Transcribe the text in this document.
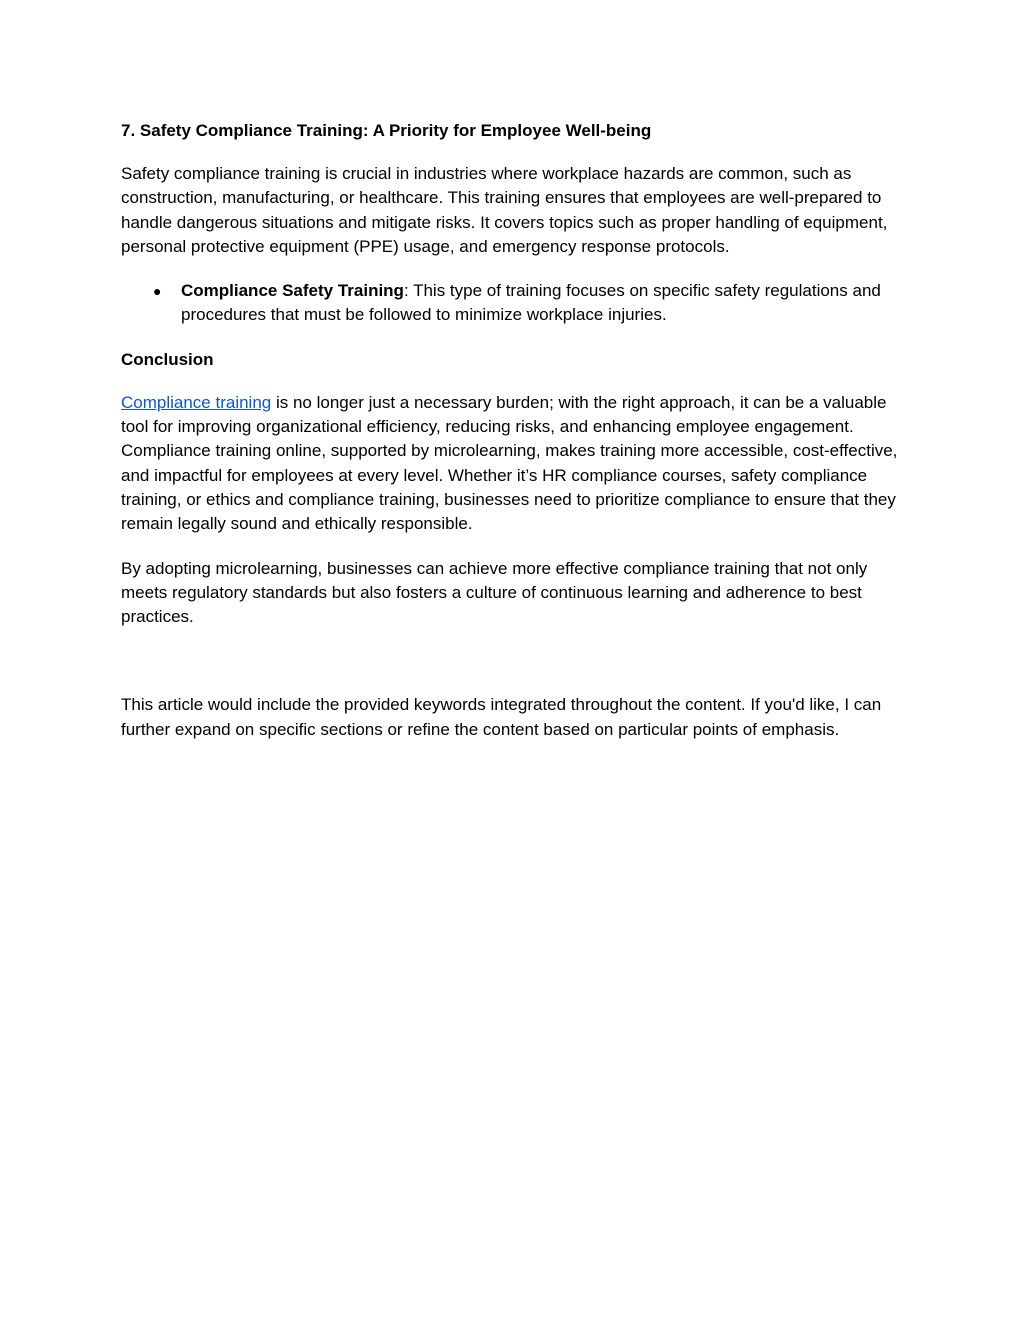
7. Safety Compliance Training: A Priority for Employee Well-being

Safety compliance training is crucial in industries where workplace hazards are common, such as construction, manufacturing, or healthcare. This training ensures that employees are well-prepared to handle dangerous situations and mitigate risks. It covers topics such as proper handling of equipment, personal protective equipment (PPE) usage, and emergency response protocols.

● Compliance Safety Training: This type of training focuses on specific safety regulations and procedures that must be followed to minimize workplace injuries.
Conclusion

Compliance training is no longer just a necessary burden; with the right approach, it can be a valuable tool for improving organizational efficiency, reducing risks, and enhancing employee engagement. Compliance training online, supported by microlearning, makes training more accessible, cost-effective, and impactful for employees at every level. Whether it’s HR compliance courses, safety compliance training, or ethics and compliance training, businesses need to prioritize compliance to ensure that they remain legally sound and ethically responsible.

By adopting microlearning, businesses can achieve more effective compliance training that not only meets regulatory standards but also fosters a culture of continuous learning and adherence to best practices.

This article would include the provided keywords integrated throughout the content. If you'd like, I can further expand on specific sections or refine the content based on particular points of emphasis.
